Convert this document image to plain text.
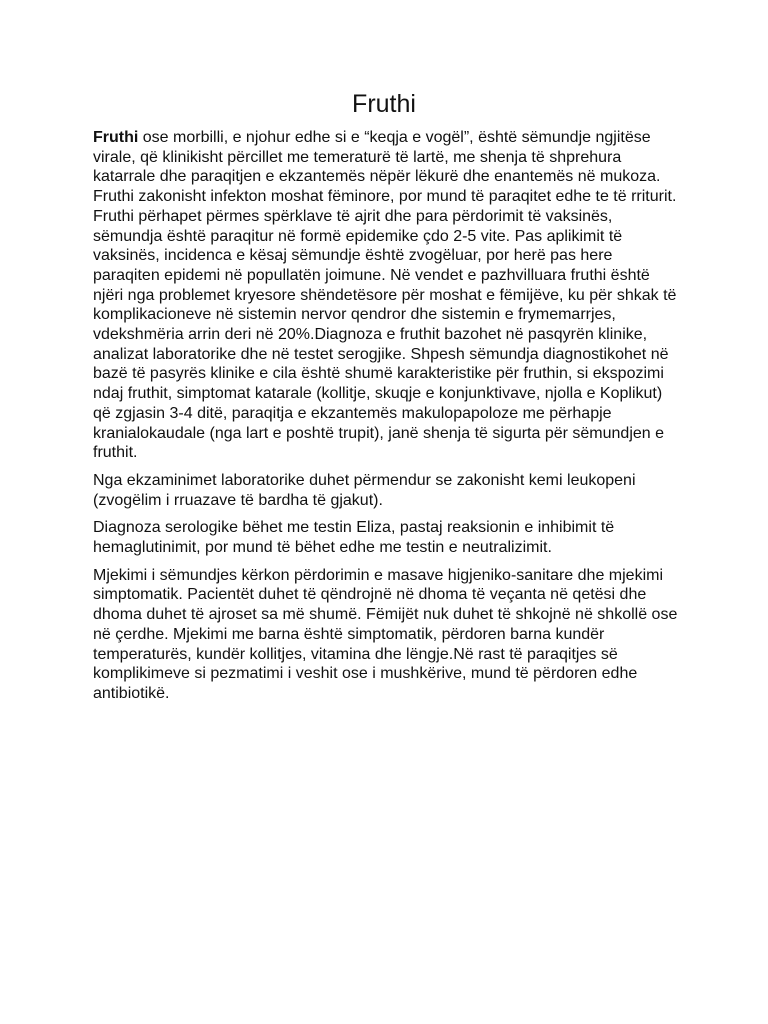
Fruthi

Fruthi ose morbilli, e njohur edhe si e “keqja e vogël”, është sëmundje ngjitëse virale, që klinikisht përcillet me temeraturë të lartë, me shenja të shprehura katarrale dhe paraqitjen e ekzantemës nëpër lëkurë dhe enantemës në mukoza. Fruthi zakonisht infekton moshat fëminore, por mund të paraqitet edhe te të rriturit. Fruthi përhapet përmes spërklave të ajrit dhe para përdorimit të vaksinës, sëmundja është paraqitur në formë epidemike çdo 2-5 vite. Pas aplikimit të vaksinës, incidenca e kësaj sëmundje është zvogëluar, por herë pas here paraqiten epidemi në popullatën joimune. Në vendet e pazhvilluara fruthi është njëri nga problemet kryesore shëndetësore për moshat e fëmijëve, ku për shkak të komplikacioneve në sistemin nervor qendror dhe sistemin e frymemarrjes, vdekshmëria arrin deri në 20%.Diagnoza e fruthit bazohet në pasqyrën klinike, analizat laboratorike dhe në testet serogjike. Shpesh sëmundja diagnostikohet në bazë të pasyrës klinike e cila është shumë karakteristike për fruthin, si ekspozimi ndaj fruthit, simptomat katarale (kollitje, skuqje e konjunktivave, njolla e Koplikut) që zgjasin 3-4 ditë, paraqitja e ekzantemës makulopapoloze me përhapje kranialokaudale (nga lart e poshtë trupit), janë shenja të sigurta për sëmundjen e fruthit.

Nga ekzaminimet laboratorike duhet përmendur se zakonisht kemi leukopeni (zvogëlim i rruazave të bardha të gjakut).

Diagnoza serologike bëhet me testin Eliza, pastaj reaksionin e inhibimit të hemaglutinimit, por mund të bëhet edhe me testin e neutralizimit.

Mjekimi i sëmundjes kërkon përdorimin e masave higjeniko-sanitare dhe mjekimi simptomatik. Pacientët duhet të qëndrojnë në dhoma të veçanta në qetësi dhe dhoma duhet të ajroset sa më shumë. Fëmijët nuk duhet të shkojnë në shkollë ose në çerdhe. Mjekimi me barna është simptomatik, përdoren barna kundër temperaturës, kundër kollitjes, vitamina dhe lëngje.Në rast të paraqitjes së komplikimeve si pezmatimi i veshit ose i mushkërive, mund të përdoren edhe antibiotikë.
